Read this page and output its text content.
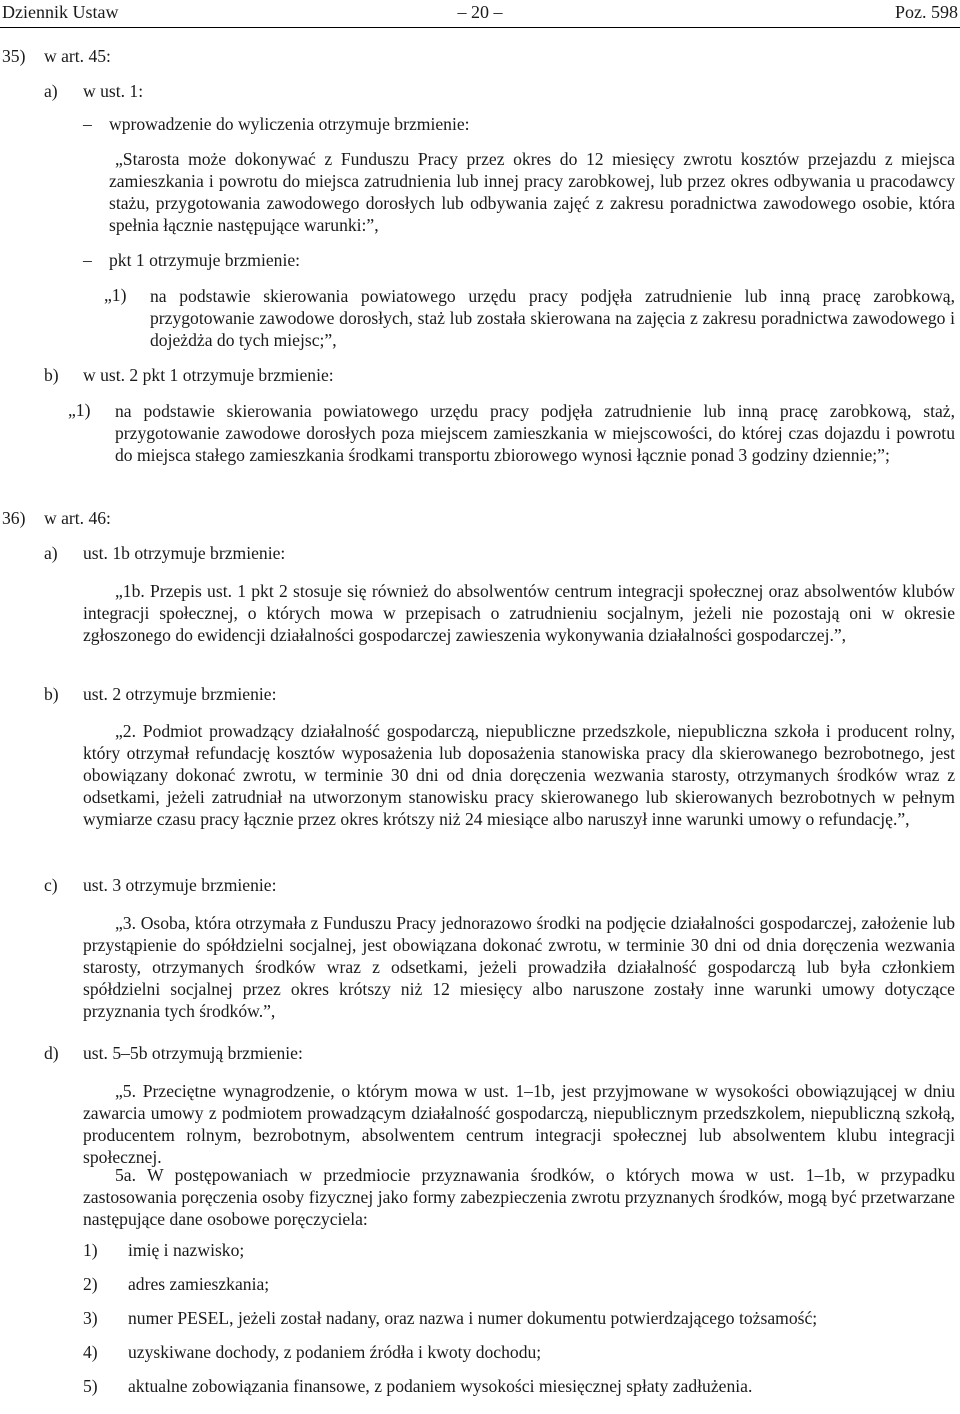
Dziennik Ustaw	– 20 –	Poz. 598
35) w art. 45:
a) w ust. 1:
– wprowadzenie do wyliczenia otrzymuje brzmienie:
„Starosta może dokonywać z Funduszu Pracy przez okres do 12 miesięcy zwrotu kosztów przejazdu z miejsca zamieszkania i powrotu do miejsca zatrudnienia lub innej pracy zarobkowej, lub przez okres odbywania u pracodawcy stażu, przygotowania zawodowego dorosłych lub odbywania zajęć z zakresu poradnictwa zawodowego osobie, która spełnia łącznie następujące warunki:”,
– pkt 1 otrzymuje brzmienie:
„1) na podstawie skierowania powiatowego urzędu pracy podjęła zatrudnienie lub inną pracę zarobkową, przygotowanie zawodowe dorosłych, staż lub została skierowana na zajęcia z zakresu poradnictwa zawodowego i dojeżdża do tych miejsc;”,
b) w ust. 2 pkt 1 otrzymuje brzmienie:
„1) na podstawie skierowania powiatowego urzędu pracy podjęła zatrudnienie lub inną pracę zarobkową, staż, przygotowanie zawodowe dorosłych poza miejscem zamieszkania w miejscowości, do której czas dojazdu i powrotu do miejsca stałego zamieszkania środkami transportu zbiorowego wynosi łącznie ponad 3 godziny dziennie;”;
36) w art. 46:
a) ust. 1b otrzymuje brzmienie:
„1b. Przepis ust. 1 pkt 2 stosuje się również do absolwentów centrum integracji społecznej oraz absolwentów klubów integracji społecznej, o których mowa w przepisach o zatrudnieniu socjalnym, jeżeli nie pozostają oni w okresie zgłoszonego do ewidencji działalności gospodarczej zawieszenia wykonywania działalności gospodarczej.”,
b) ust. 2 otrzymuje brzmienie:
„2. Podmiot prowadzący działalność gospodarczą, niepubliczne przedszkole, niepubliczna szkoła i producent rolny, który otrzymał refundację kosztów wyposażenia lub doposażenia stanowiska pracy dla skierowanego bezrobotnego, jest obowiązany dokonać zwrotu, w terminie 30 dni od dnia doręczenia wezwania starosty, otrzymanych środków wraz z odsetkami, jeżeli zatrudniał na utworzonym stanowisku pracy skierowanego lub skierowanych bezrobotnych w pełnym wymiarze czasu pracy łącznie przez okres krótszy niż 24 miesiące albo naruszył inne warunki umowy o refundację.”,
c) ust. 3 otrzymuje brzmienie:
„3. Osoba, która otrzymała z Funduszu Pracy jednorazowo środki na podjęcie działalności gospodarczej, założenie lub przystąpienie do spółdzielni socjalnej, jest obowiązana dokonać zwrotu, w terminie 30 dni od dnia doręczenia wezwania starosty, otrzymanych środków wraz z odsetkami, jeżeli prowadziła działalność gospodarczą lub była członkiem spółdzielni socjalnej przez okres krótszy niż 12 miesięcy albo naruszone zostały inne warunki umowy dotyczące przyznania tych środków.”,
d) ust. 5–5b otrzymują brzmienie:
„5. Przeciętne wynagrodzenie, o którym mowa w ust. 1–1b, jest przyjmowane w wysokości obowiązującej w dniu zawarcia umowy z podmiotem prowadzącym działalność gospodarczą, niepublicznym przedszkolem, niepubliczną szkołą, producentem rolnym, bezrobotnym, absolwentem centrum integracji społecznej lub absolwentem klubu integracji społecznej.
5a. W postępowaniach w przedmiocie przyznawania środków, o których mowa w ust. 1–1b, w przypadku zastosowania poręczenia osoby fizycznej jako formy zabezpieczenia zwrotu przyznanych środków, mogą być przetwarzane następujące dane osobowe poręczyciela:
1) imię i nazwisko;
2) adres zamieszkania;
3) numer PESEL, jeżeli został nadany, oraz nazwa i numer dokumentu potwierdzającego tożsamość;
4) uzyskiwane dochody, z podaniem źródła i kwoty dochodu;
5) aktualne zobowiązania finansowe, z podaniem wysokości miesięcznej spłaty zadłużenia.
